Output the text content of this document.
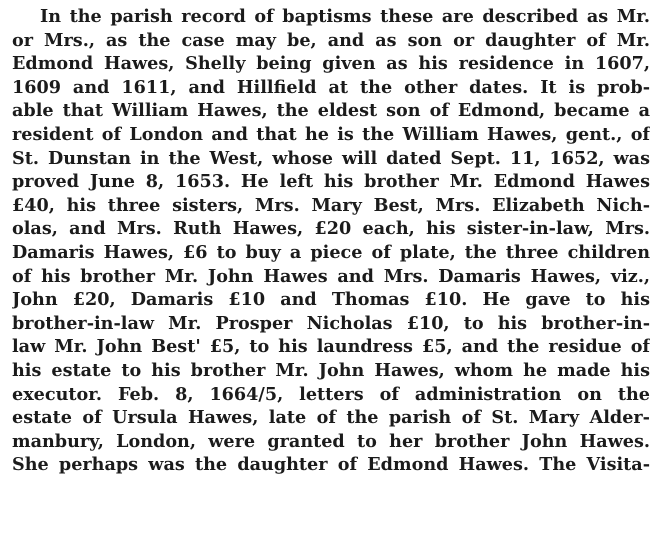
In the parish record of baptisms these are described as Mr.
or Mrs., as the case may be, and as son or daughter of Mr.
Edmond Hawes, Shelly being given as his residence in 1607,
1609 and 1611, and Hillfield at the other dates. It is prob-
able that William Hawes, the eldest son of Edmond, became a
resident of London and that he is the William Hawes, gent., of
St. Dunstan in the West, whose will dated Sept. 11, 1652, was
proved June 8, 1653. He left his brother Mr. Edmond Hawes
£40, his three sisters, Mrs. Mary Best, Mrs. Elizabeth Nich-
olas, and Mrs. Ruth Hawes, £20 each, his sister-in-law, Mrs.
Damaris Hawes, £6 to buy a piece of plate, the three children
of his brother Mr. John Hawes and Mrs. Damaris Hawes, viz.,
John £20, Damaris £10 and Thomas £10. He gave to his
brother-in-law Mr. Prosper Nicholas £10, to his brother-in-
law Mr. John Best' £5, to his laundress £5, and the residue of
his estate to his brother Mr. John Hawes, whom he made his
executor. Feb. 8, 1664/5, letters of administration on the
estate of Ursula Hawes, late of the parish of St. Mary Alder-
manbury, London, were granted to her brother John Hawes.
She perhaps was the daughter of Edmond Hawes. The Visita-
